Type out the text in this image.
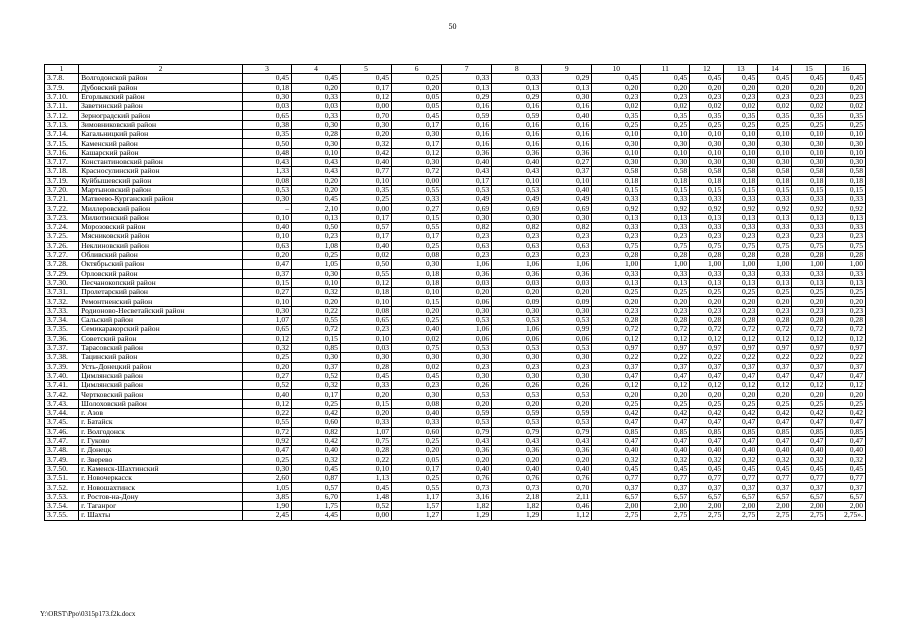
50
1	2	3	4	5	6	7	8	9	10	11	12	13	14	15	16
3.7.8.	Волгодонской район	0,45	0,45	0,45	0,25	0,33	0,33	0,29	0,45	0,45	0,45	0,45	0,45	0,45	0,45
3.7.9.	Дубовский район	0,18	0,20	0,17	0,20	0,13	0,13	0,13	0,20	0,20	0,20	0,20	0,20	0,20	0,20
3.7.10.	Егорлыкский район	0,30	0,33	0,12	0,05	0,29	0,29	0,30	0,23	0,23	0,23	0,23	0,23	0,23	0,23
3.7.11.	Заветинский район	0,03	0,03	0,00	0,05	0,16	0,16	0,16	0,02	0,02	0,02	0,02	0,02	0,02	0,02
3.7.12.	Зерноградский район	0,65	0,33	0,70	0,45	0,59	0,59	0,40	0,35	0,35	0,35	0,35	0,35	0,35	0,35
3.7.13.	Зимовниковский район	0,38	0,30	0,30	0,17	0,16	0,16	0,16	0,25	0,25	0,25	0,25	0,25	0,25	0,25
3.7.14.	Кагальницкий район	0,35	0,28	0,20	0,30	0,16	0,16	0,16	0,10	0,10	0,10	0,10	0,10	0,10	0,10
3.7.15.	Каменский район	0,50	0,30	0,32	0,17	0,16	0,16	0,16	0,30	0,30	0,30	0,30	0,30	0,30	0,30
3.7.16.	Кашарский район	0,48	0,10	0,42	0,12	0,36	0,36	0,36	0,10	0,10	0,10	0,10	0,10	0,10	0,10
3.7.17.	Константиновский район	0,43	0,43	0,40	0,30	0,40	0,40	0,27	0,30	0,30	0,30	0,30	0,30	0,30	0,30
3.7.18.	Красносулинский район	1,33	0,43	0,77	0,72	0,43	0,43	0,37	0,58	0,58	0,58	0,58	0,58	0,58	0,58
3.7.19.	Куйбышевский район	0,08	0,20	0,10	0,00	0,17	0,10	0,10	0,18	0,18	0,18	0,18	0,18	0,18	0,18
3.7.20.	Мартыновский район	0,53	0,20	0,35	0,55	0,53	0,53	0,40	0,15	0,15	0,15	0,15	0,15	0,15	0,15
3.7.21.	Матвеево-Курганский район	0,30	0,45	0,25	0,33	0,49	0,49	0,49	0,33	0,33	0,33	0,33	0,33	0,33	0,33
3.7.22.	Миллеровский район	–	2,10	0,00	0,27	0,69	0,69	0,69	0,92	0,92	0,92	0,92	0,92	0,92	0,92
3.7.23.	Милютинский район	0,10	0,13	0,17	0,15	0,30	0,30	0,30	0,13	0,13	0,13	0,13	0,13	0,13	0,13
3.7.24.	Морозовский район	0,40	0,50	0,57	0,55	0,82	0,82	0,82	0,33	0,33	0,33	0,33	0,33	0,33	0,33
3.7.25.	Мясниковский район	0,10	0,23	0,17	0,17	0,23	0,23	0,23	0,23	0,23	0,23	0,23	0,23	0,23	0,23
3.7.26.	Неклиновский район	0,63	1,08	0,40	0,25	0,63	0,63	0,63	0,75	0,75	0,75	0,75	0,75	0,75	0,75
3.7.27.	Обливский район	0,20	0,25	0,02	0,08	0,23	0,23	0,23	0,28	0,28	0,28	0,28	0,28	0,28	0,28
3.7.28.	Октябрьский район	0,47	1,05	0,50	0,30	1,06	1,06	1,06	1,00	1,00	1,00	1,00	1,00	1,00	1,00
3.7.29.	Орловский район	0,37	0,30	0,55	0,18	0,36	0,36	0,36	0,33	0,33	0,33	0,33	0,33	0,33	0,33
3.7.30.	Песчанокопский район	0,15	0,10	0,12	0,18	0,03	0,03	0,03	0,13	0,13	0,13	0,13	0,13	0,13	0,13
3.7.31.	Пролетарский район	0,27	0,32	0,18	0,10	0,20	0,20	0,20	0,25	0,25	0,25	0,25	0,25	0,25	0,25
3.7.32.	Ремонтненский район	0,10	0,20	0,10	0,15	0,06	0,09	0,09	0,20	0,20	0,20	0,20	0,20	0,20	0,20
3.7.33.	Родионово-Несветайский район	0,30	0,22	0,08	0,20	0,30	0,30	0,30	0,23	0,23	0,23	0,23	0,23	0,23	0,23
3.7.34.	Сальский район	1,07	0,55	0,65	0,25	0,53	0,53	0,53	0,28	0,28	0,28	0,28	0,28	0,28	0,28
3.7.35.	Семикаракорский район	0,65	0,72	0,23	0,40	1,06	1,06	0,99	0,72	0,72	0,72	0,72	0,72	0,72	0,72
3.7.36.	Советский район	0,12	0,15	0,10	0,02	0,06	0,06	0,06	0,12	0,12	0,12	0,12	0,12	0,12	0,12
3.7.37.	Тарасовский район	0,32	0,85	0,03	0,75	0,53	0,53	0,53	0,97	0,97	0,97	0,97	0,97	0,97	0,97
3.7.38.	Тацинский район	0,25	0,30	0,30	0,30	0,30	0,30	0,30	0,22	0,22	0,22	0,22	0,22	0,22	0,22
3.7.39.	Усть-Донецкий район	0,20	0,37	0,28	0,02	0,23	0,23	0,23	0,37	0,37	0,37	0,37	0,37	0,37	0,37
3.7.40.	Цимлянский район	0,27	0,52	0,45	0,45	0,30	0,30	0,30	0,47	0,47	0,47	0,47	0,47	0,47	0,47
3.7.41.	Цимлянский район	0,52	0,32	0,33	0,23	0,26	0,26	0,26	0,12	0,12	0,12	0,12	0,12	0,12	0,12
3.7.42.	Чертковский район	0,40	0,17	0,20	0,30	0,53	0,53	0,53	0,20	0,20	0,20	0,20	0,20	0,20	0,20
3.7.43.	Шолоховский район	0,12	0,25	0,15	0,08	0,20	0,20	0,20	0,25	0,25	0,25	0,25	0,25	0,25	0,25
3.7.44.	г. Азов	0,22	0,42	0,20	0,40	0,59	0,59	0,59	0,42	0,42	0,42	0,42	0,42	0,42	0,42
3.7.45.	г. Батайск	0,55	0,60	0,33	0,33	0,53	0,53	0,53	0,47	0,47	0,47	0,47	0,47	0,47	0,47
3.7.46.	г. Волгодонск	0,72	0,82	1,07	0,60	0,79	0,79	0,79	0,85	0,85	0,85	0,85	0,85	0,85	0,85
3.7.47.	г. Гуково	0,92	0,42	0,75	0,25	0,43	0,43	0,43	0,47	0,47	0,47	0,47	0,47	0,47	0,47
3.7.48.	г. Донецк	0,47	0,40	0,28	0,20	0,36	0,36	0,36	0,40	0,40	0,40	0,40	0,40	0,40	0,40
3.7.49.	г. Зверево	0,25	0,32	0,22	0,05	0,20	0,20	0,20	0,32	0,32	0,32	0,32	0,32	0,32	0,32
3.7.50.	г. Каменск-Шахтинский	0,30	0,45	0,10	0,17	0,40	0,40	0,40	0,45	0,45	0,45	0,45	0,45	0,45	0,45
3.7.51.	г. Новочеркасск	2,60	0,87	1,13	0,25	0,76	0,76	0,76	0,77	0,77	0,77	0,77	0,77	0,77	0,77
3.7.52.	г. Новошахтинск	1,05	0,57	0,45	0,55	0,73	0,73	0,70	0,37	0,37	0,37	0,37	0,37	0,37	0,37
3.7.53.	г. Ростов-на-Дону	3,85	6,70	1,48	1,17	3,16	2,18	2,11	6,57	6,57	6,57	6,57	6,57	6,57	6,57
3.7.54.	г. Таганрог	1,90	1,75	0,52	1,57	1,82	1,82	0,46	2,00	2,00	2,00	2,00	2,00	2,00	2,00
3.7.55.	г. Шахты	2,45	4,45	0,00	1,27	1,29	1,29	1,12	2,75	2,75	2,75	2,75	2,75	2,75	2,75».
Y:\ORST\Ppo\0315p173.f2k.docx
